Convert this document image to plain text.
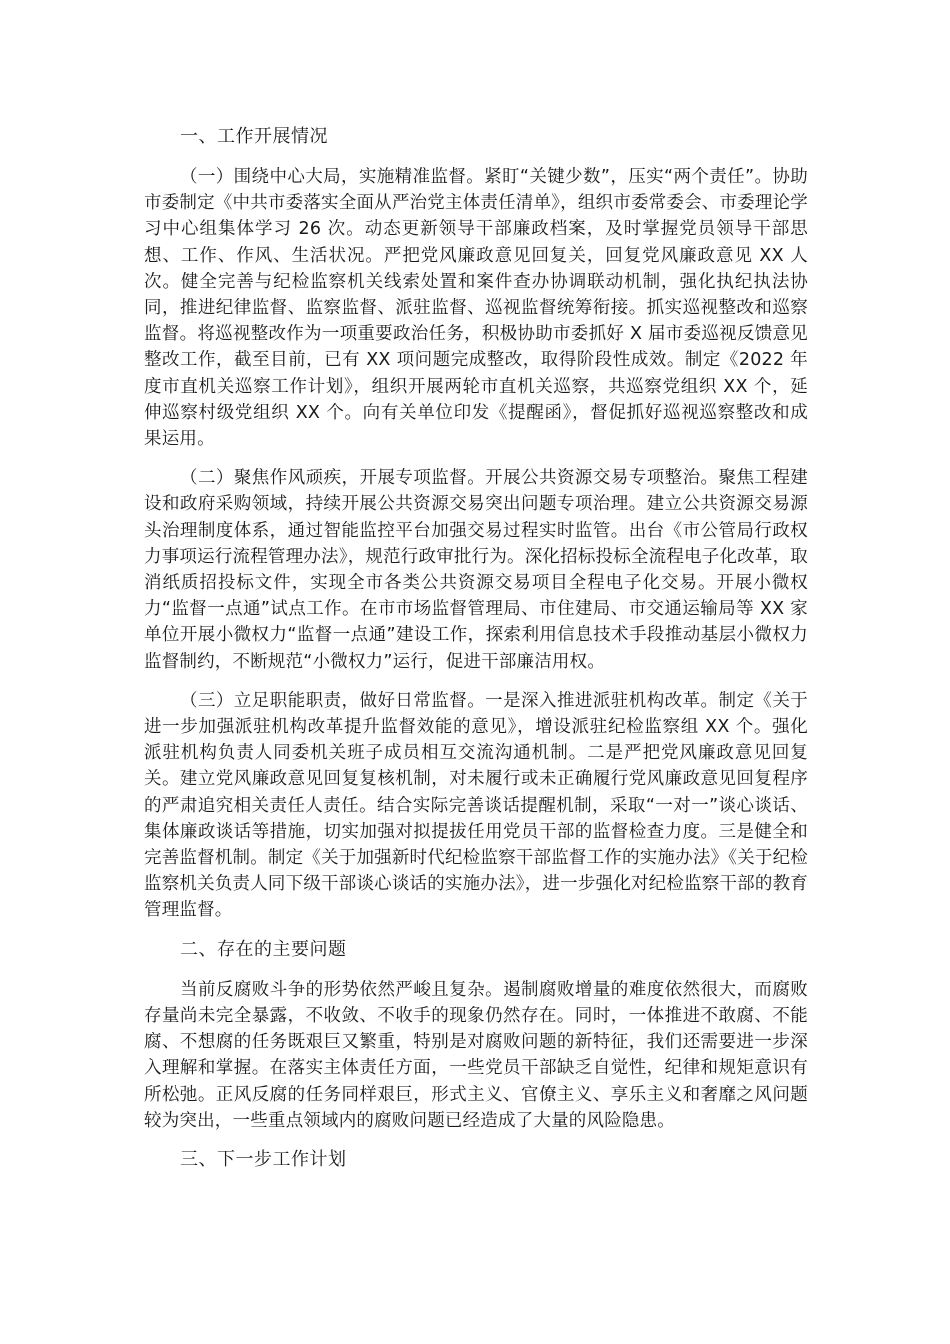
一、工作开展情况
（一）围绕中心大局，实施精准监督。紧盯“关键少数”，压实“两个责任”。协助市委制定《中共市委落实全面从严治党主体责任清单》，组织市委常委会、市委理论学习中心组集体学习 26 次。动态更新领导干部廉政档案，及时掌握党员领导干部思想、工作、作风、生活状况。严把党风廉政意见回复关，回复党风廉政意见 XX 人次。健全完善与纪检监察机关线索处置和案件查办协调联动机制，强化执纪执法协同，推进纪律监督、监察监督、派驻监督、巡视监督统筹衔接。抓实巡视整改和巡察监督。将巡视整改作为一项重要政治任务，积极协助市委抓好 X 届市委巡视反馈意见整改工作，截至目前，已有 XX 项问题完成整改，取得阶段性成效。制定《2022 年度市直机关巡察工作计划》，组织开展两轮市直机关巡察，共巡察党组织 XX 个，延伸巡察村级党组织 XX 个。向有关单位印发《提醒函》，督促抓好巡视巡察整改和成果运用。
（二）聚焦作风顽疾，开展专项监督。开展公共资源交易专项整治。聚焦工程建设和政府采购领域，持续开展公共资源交易突出问题专项治理。建立公共资源交易源头治理制度体系，通过智能监控平台加强交易过程实时监管。出台《市公管局行政权力事项运行流程管理办法》，规范行政审批行为。深化招标投标全流程电子化改革，取消纸质招投标文件，实现全市各类公共资源交易项目全程电子化交易。开展小微权力“监督一点通”试点工作。在市市场监督管理局、市住建局、市交通运输局等 XX 家单位开展小微权力“监督一点通”建设工作，探索利用信息技术手段推动基层小微权力监督制约，不断规范“小微权力”运行，促进干部廉洁用权。
（三）立足职能职责，做好日常监督。一是深入推进派驻机构改革。制定《关于进一步加强派驻机构改革提升监督效能的意见》，增设派驻纪检监察组 XX 个。强化派驻机构负责人同委机关班子成员相互交流沟通机制。二是严把党风廉政意见回复关。建立党风廉政意见回复复核机制，对未履行或未正确履行党风廉政意见回复程序的严肃追究相关责任人责任。结合实际完善谈话提醒机制，采取“一对一”谈心谈话、集体廉政谈话等措施，切实加强对拟提拔任用党员干部的监督检查力度。三是健全和完善监督机制。制定《关于加强新时代纪检监察干部监督工作的实施办法》《关于纪检监察机关负责人同下级干部谈心谈话的实施办法》，进一步强化对纪检监察干部的教育管理监督。
二、存在的主要问题
当前反腐败斗争的形势依然严峻且复杂。遏制腐败增量的难度依然很大，而腐败存量尚未完全暴露，不收敛、不收手的现象仍然存在。同时，一体推进不敢腐、不能腐、不想腐的任务既艰巨又繁重，特别是对腐败问题的新特征，我们还需要进一步深入理解和掌握。在落实主体责任方面，一些党员干部缺乏自觉性，纪律和规矩意识有所松弛。正风反腐的任务同样艰巨，形式主义、官僚主义、享乐主义和奢靡之风问题较为突出，一些重点领域内的腐败问题已经造成了大量的风险隐患。
三、下一步工作计划
